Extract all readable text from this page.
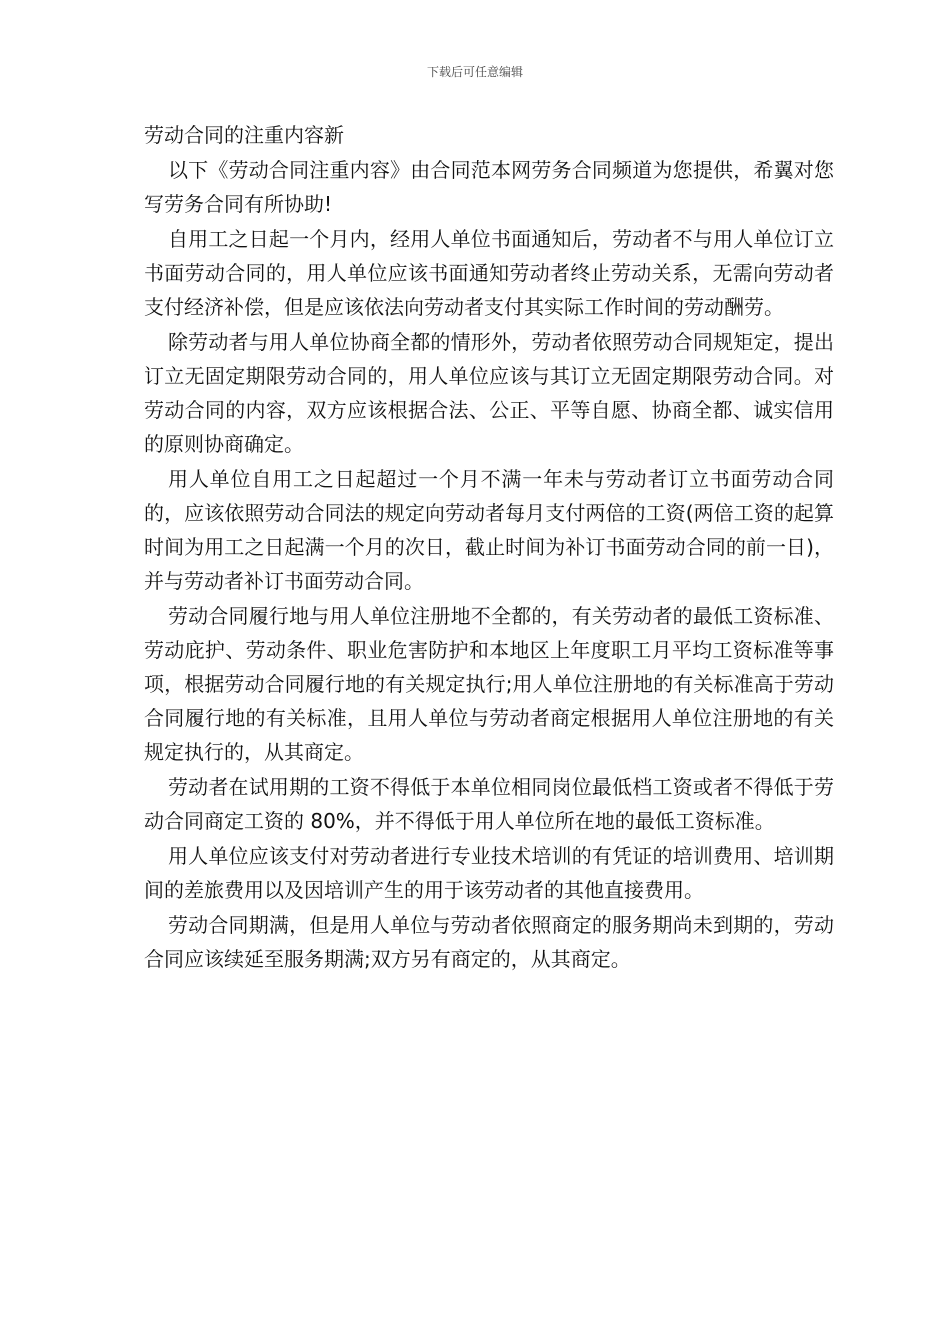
下载后可任意编辑
劳动合同的注重内容新

以下《劳动合同注重内容》由合同范本网劳务合同频道为您提供，希翼对您写劳务合同有所协助!

自用工之日起一个月内，经用人单位书面通知后，劳动者不与用人单位订立书面劳动合同的，用人单位应该书面通知劳动者终止劳动关系，无需向劳动者支付经济补偿，但是应该依法向劳动者支付其实际工作时间的劳动酬劳。

除劳动者与用人单位协商全都的情形外，劳动者依照劳动合同规矩定，提出订立无固定期限劳动合同的，用人单位应该与其订立无固定期限劳动合同。对劳动合同的内容，双方应该根据合法、公正、平等自愿、协商全都、诚实信用的原则协商确定。

用人单位自用工之日起超过一个月不满一年未与劳动者订立书面劳动合同的，应该依照劳动合同法的规定向劳动者每月支付两倍的工资(两倍工资的起算时间为用工之日起满一个月的次日，截止时间为补订书面劳动合同的前一日)，并与劳动者补订书面劳动合同。

劳动合同履行地与用人单位注册地不全都的，有关劳动者的最低工资标准、劳动庇护、劳动条件、职业危害防护和本地区上年度职工月平均工资标准等事项，根据劳动合同履行地的有关规定执行;用人单位注册地的有关标准高于劳动合同履行地的有关标准，且用人单位与劳动者商定根据用人单位注册地的有关规定执行的，从其商定。

劳动者在试用期的工资不得低于本单位相同岗位最低档工资或者不得低于劳动合同商定工资的 80%，并不得低于用人单位所在地的最低工资标准。

用人单位应该支付对劳动者进行专业技术培训的有凭证的培训费用、培训期间的差旅费用以及因培训产生的用于该劳动者的其他直接费用。

劳动合同期满，但是用人单位与劳动者依照商定的服务期尚未到期的，劳动合同应该续延至服务期满;双方另有商定的，从其商定。
